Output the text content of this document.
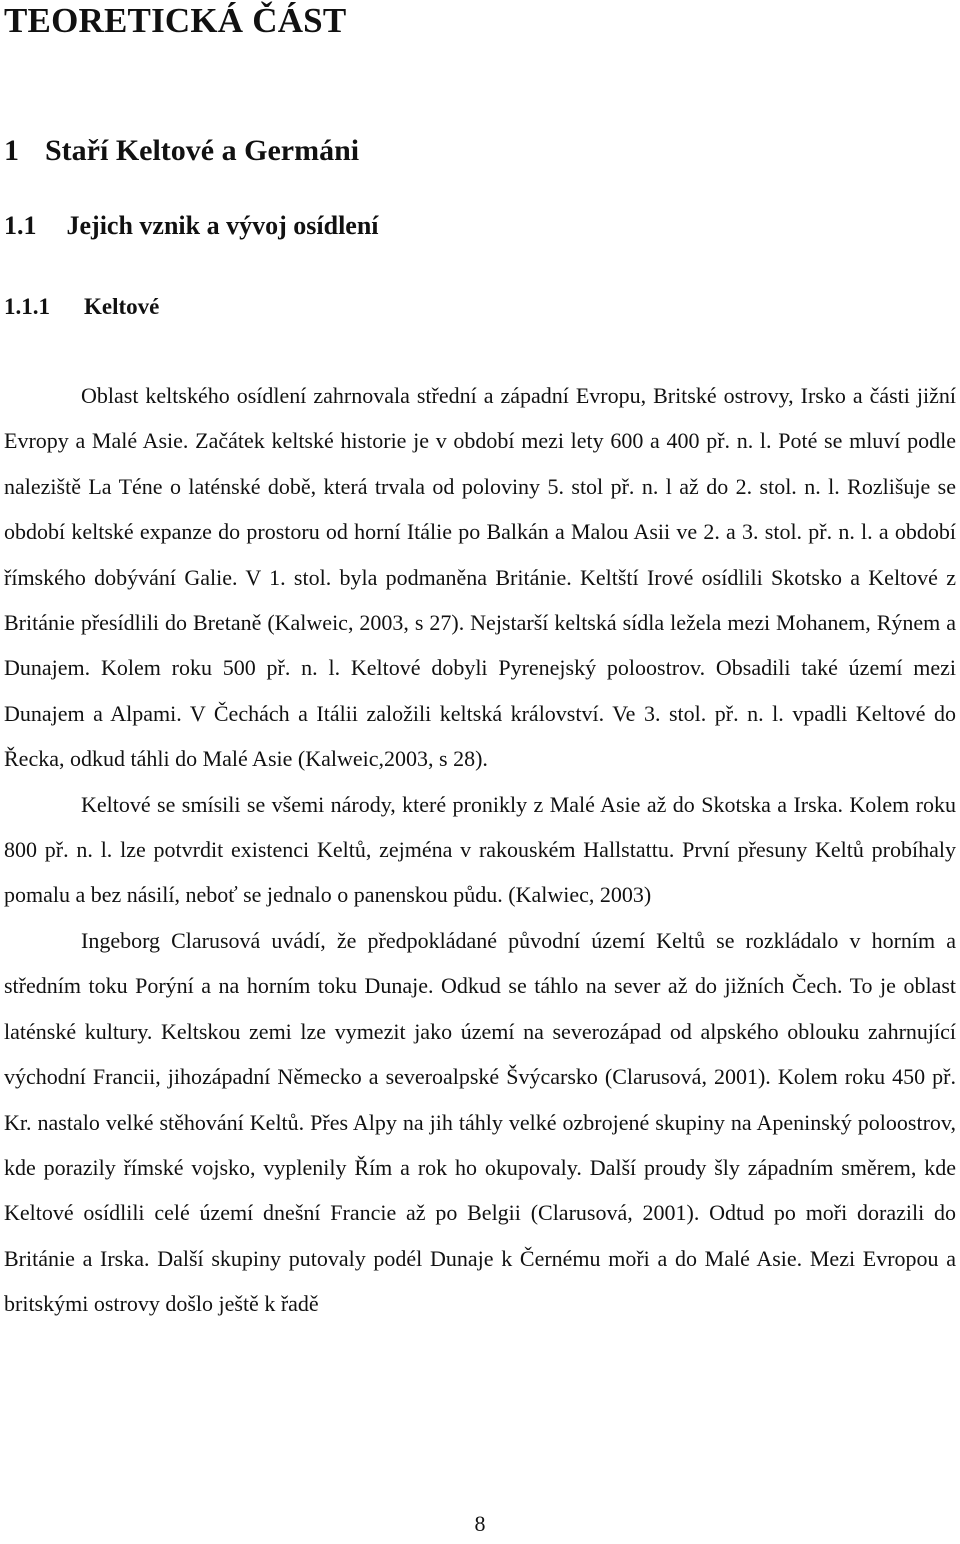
TEORETICKÁ ČÁST
1 Staří Keltové a Germáni
1.1 Jejich vznik a vývoj osídlení
1.1.1 Keltové

Oblast keltského osídlení zahrnovala střední a západní Evropu, Britské ostrovy, Irsko a části jižní Evropy a Malé Asie. Začátek keltské historie je v období mezi lety 600 a 400 př. n. l. Poté se mluví podle naleziště La Téne o laténské době, která trvala od poloviny 5. stol př. n. l až do 2. stol. n. l. Rozlišuje se období keltské expanze do prostoru od horní Itálie po Balkán a Malou Asii ve 2. a 3. stol. př. n. l. a období římského dobývání Galie. V 1. stol. byla podmaněna Británie. Keltští Irové osídlili Skotsko a Keltové z Británie přesídlili do Bretaně (Kalweic, 2003, s 27). Nejstarší keltská sídla ležela mezi Mohanem, Rýnem a Dunajem. Kolem roku 500 př. n. l. Keltové dobyli Pyrenejský poloostrov. Obsadili také území mezi Dunajem a Alpami. V Čechách a Itálii založili keltská království. Ve 3. stol. př. n. l. vpadli Keltové do Řecka, odkud táhli do Malé Asie (Kalweic,2003, s 28).

Keltové se smísili se všemi národy, které pronikly z Malé Asie až do Skotska a Irska. Kolem roku 800 př. n. l. lze potvrdit existenci Keltů, zejména v rakouském Hallstattu. První přesuny Keltů probíhaly pomalu a bez násilí, neboť se jednalo o panenskou půdu. (Kalwiec, 2003)

Ingeborg Clarusová uvádí, že předpokládané původní území Keltů se rozkládalo v horním a středním toku Porýní a na horním toku Dunaje. Odkud se táhlo na sever až do jižních Čech. To je oblast laténské kultury. Keltskou zemi lze vymezit jako území na severozápad od alpského oblouku zahrnující východní Francii, jihozápadní Německo a severoalpské Švýcarsko (Clarusová, 2001). Kolem roku 450 př. Kr. nastalo velké stěhování Keltů. Přes Alpy na jih táhly velké ozbrojené skupiny na Apeninský poloostrov, kde porazily římské vojsko, vyplenily Řím a rok ho okupovaly. Další proudy šly západním směrem, kde Keltové osídlili celé území dnešní Francie až po Belgii (Clarusová, 2001). Odtud po moři dorazili do Británie a Irska. Další skupiny putovaly podél Dunaje k Černému moři a do Malé Asie. Mezi Evropou a britskými ostrovy došlo ještě k řadě

8
